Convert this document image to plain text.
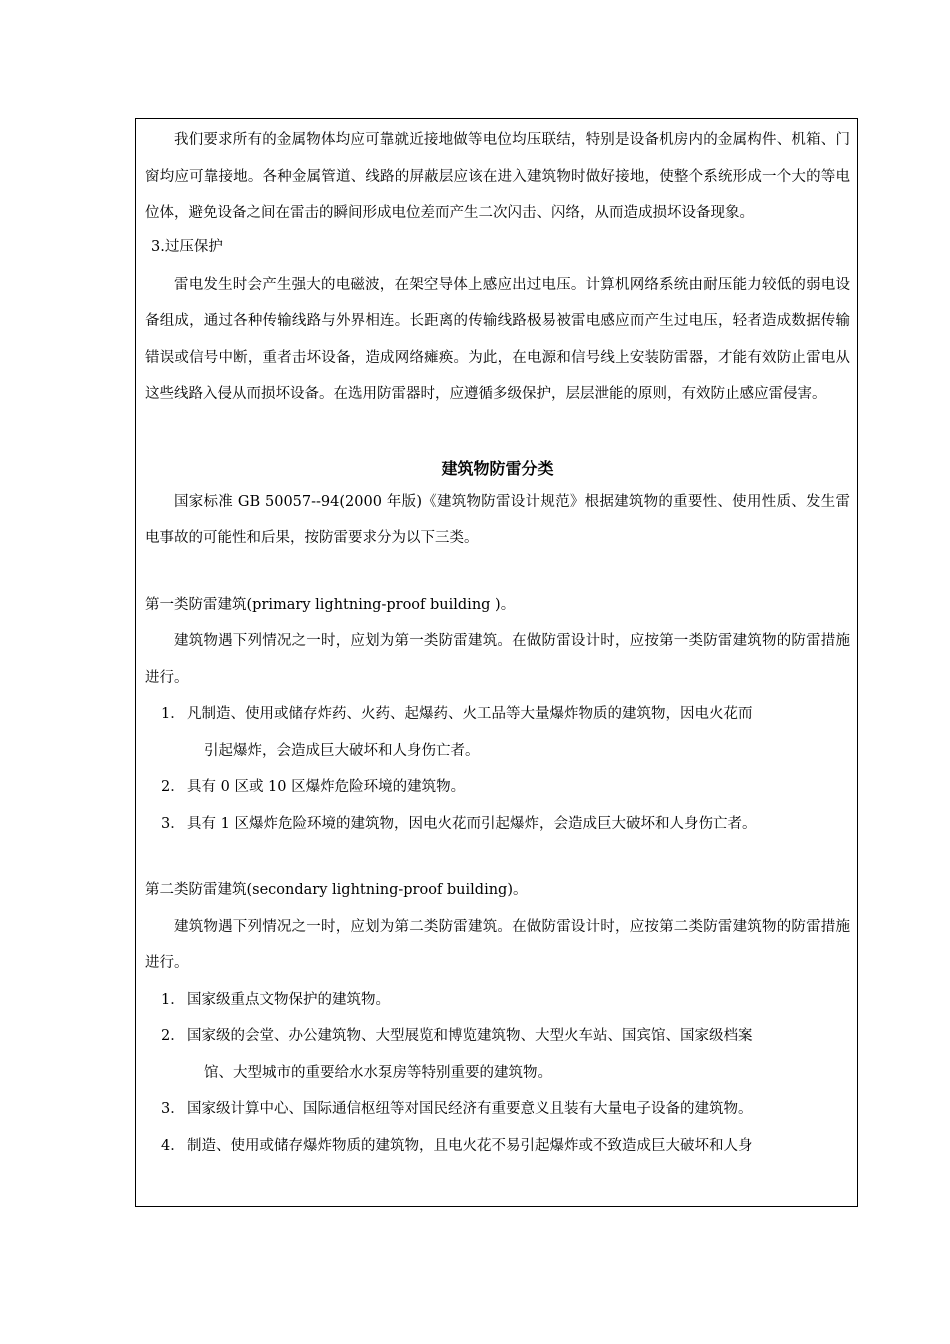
我们要求所有的金属物体均应可靠就近接地做等电位均压联结，特别是设备机房内的金属构件、机箱、门窗均应可靠接地。各种金属管道、线路的屏蔽层应该在进入建筑物时做好接地，使整个系统形成一个大的等电位体，避免设备之间在雷击的瞬间形成电位差而产生二次闪击、闪络，从而造成损坏设备现象。

3.过压保护

雷电发生时会产生强大的电磁波，在架空导体上感应出过电压。计算机网络系统由耐压能力较低的弱电设备组成，通过各种传输线路与外界相连。长距离的传输线路极易被雷电感应而产生过电压，轻者造成数据传输错误或信号中断，重者击坏设备，造成网络瘫痪。为此，在电源和信号线上安装防雷器，才能有效防止雷电从这些线路入侵从而损坏设备。在选用防雷器时，应遵循多级保护，层层泄能的原则，有效防止感应雷侵害。

建筑物防雷分类

国家标准 GB 50057--94(2000 年版)《建筑物防雷设计规范》根据建筑物的重要性、使用性质、发生雷电事故的可能性和后果，按防雷要求分为以下三类。

第一类防雷建筑(primary lightning-proof building )。

建筑物遇下列情况之一时，应划为第一类防雷建筑。在做防雷设计时，应按第一类防雷建筑物的防雷措施进行。

1． 凡制造、使用或储存炸药、火药、起爆药、火工品等大量爆炸物质的建筑物，因电火花而
引起爆炸，会造成巨大破坏和人身伤亡者。
2． 具有 0 区或 10 区爆炸危险环境的建筑物。
3． 具有 1 区爆炸危险环境的建筑物，因电火花而引起爆炸，会造成巨大破坏和人身伤亡者。

第二类防雷建筑(secondary lightning-proof building)。

建筑物遇下列情况之一时，应划为第二类防雷建筑。在做防雷设计时，应按第二类防雷建筑物的防雷措施进行。

1． 国家级重点文物保护的建筑物。
2． 国家级的会堂、办公建筑物、大型展览和博览建筑物、大型火车站、国宾馆、国家级档案
馆、大型城市的重要给水水泵房等特别重要的建筑物。
3． 国家级计算中心、国际通信枢纽等对国民经济有重要意义且装有大量电子设备的建筑物。
4． 制造、使用或储存爆炸物质的建筑物，且电火花不易引起爆炸或不致造成巨大破坏和人身
